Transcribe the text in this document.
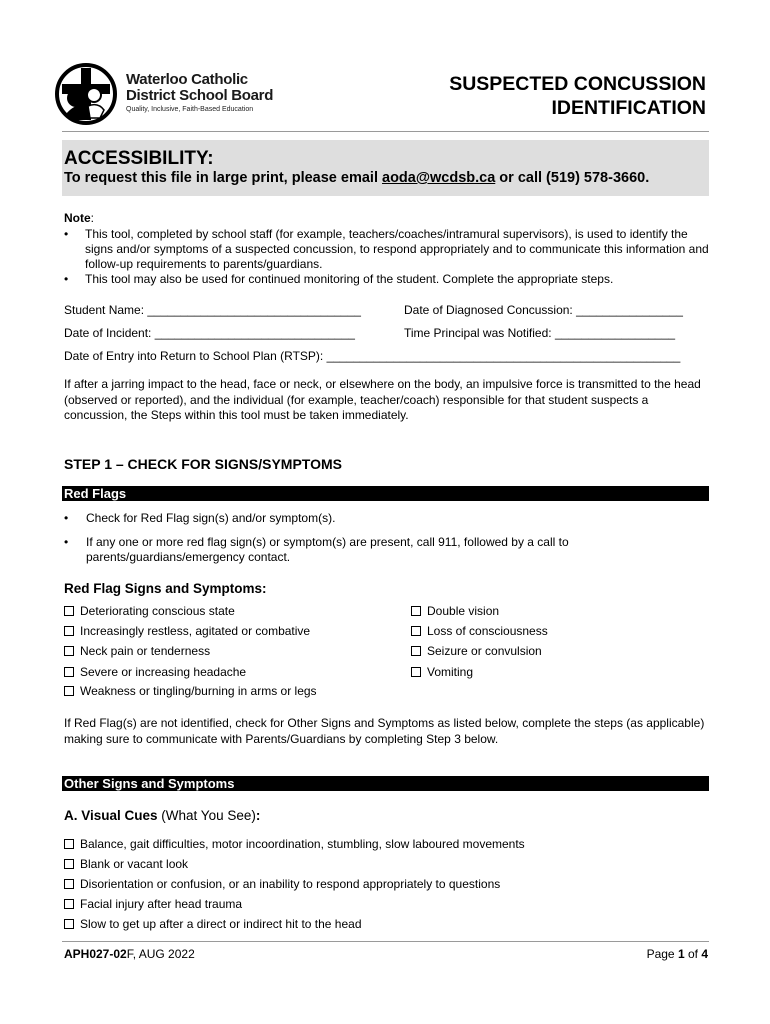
Waterloo Catholic
District School Board
Quality, Inclusive, Faith-Based Education
SUSPECTED CONCUSSION
IDENTIFICATION
ACCESSIBILITY:
To request this file in large print, please email aoda@wcdsb.ca or call (519) 578-3660.
Note:
• This tool, completed by school staff (for example, teachers/coaches/intramural supervisors), is used to identify the signs and/or symptoms of a suspected concussion, to respond appropriately and to communicate this information and follow-up requirements to parents/guardians.
• This tool may also be used for continued monitoring of the student. Complete the appropriate steps.
Student Name: ________________________________	Date of Diagnosed Concussion: ________________
Date of Incident: ______________________________	Time Principal was Notified: __________________
Date of Entry into Return to School Plan (RTSP): _____________________________________________________
If after a jarring impact to the head, face or neck, or elsewhere on the body, an impulsive force is transmitted to the head (observed or reported), and the individual (for example, teacher/coach) responsible for that student suspects a concussion, the Steps within this tool must be taken immediately.
STEP 1 – CHECK FOR SIGNS/SYMPTOMS
Red Flags
• Check for Red Flag sign(s) and/or symptom(s).
• If any one or more red flag sign(s) or symptom(s) are present, call 911, followed by a call to parents/guardians/emergency contact.
Red Flag Signs and Symptoms:
Deteriorating conscious state
Increasingly restless, agitated or combative
Neck pain or tenderness
Severe or increasing headache
Weakness or tingling/burning in arms or legs
Double vision
Loss of consciousness
Seizure or convulsion
Vomiting
If Red Flag(s) are not identified, check for Other Signs and Symptoms as listed below, complete the steps (as applicable) making sure to communicate with Parents/Guardians by completing Step 3 below.
Other Signs and Symptoms
A. Visual Cues (What You See):
Balance, gait difficulties, motor incoordination, stumbling, slow laboured movements
Blank or vacant look
Disorientation or confusion, or an inability to respond appropriately to questions
Facial injury after head trauma
Slow to get up after a direct or indirect hit to the head
APH027-02F, AUG 2022	Page 1 of 4
